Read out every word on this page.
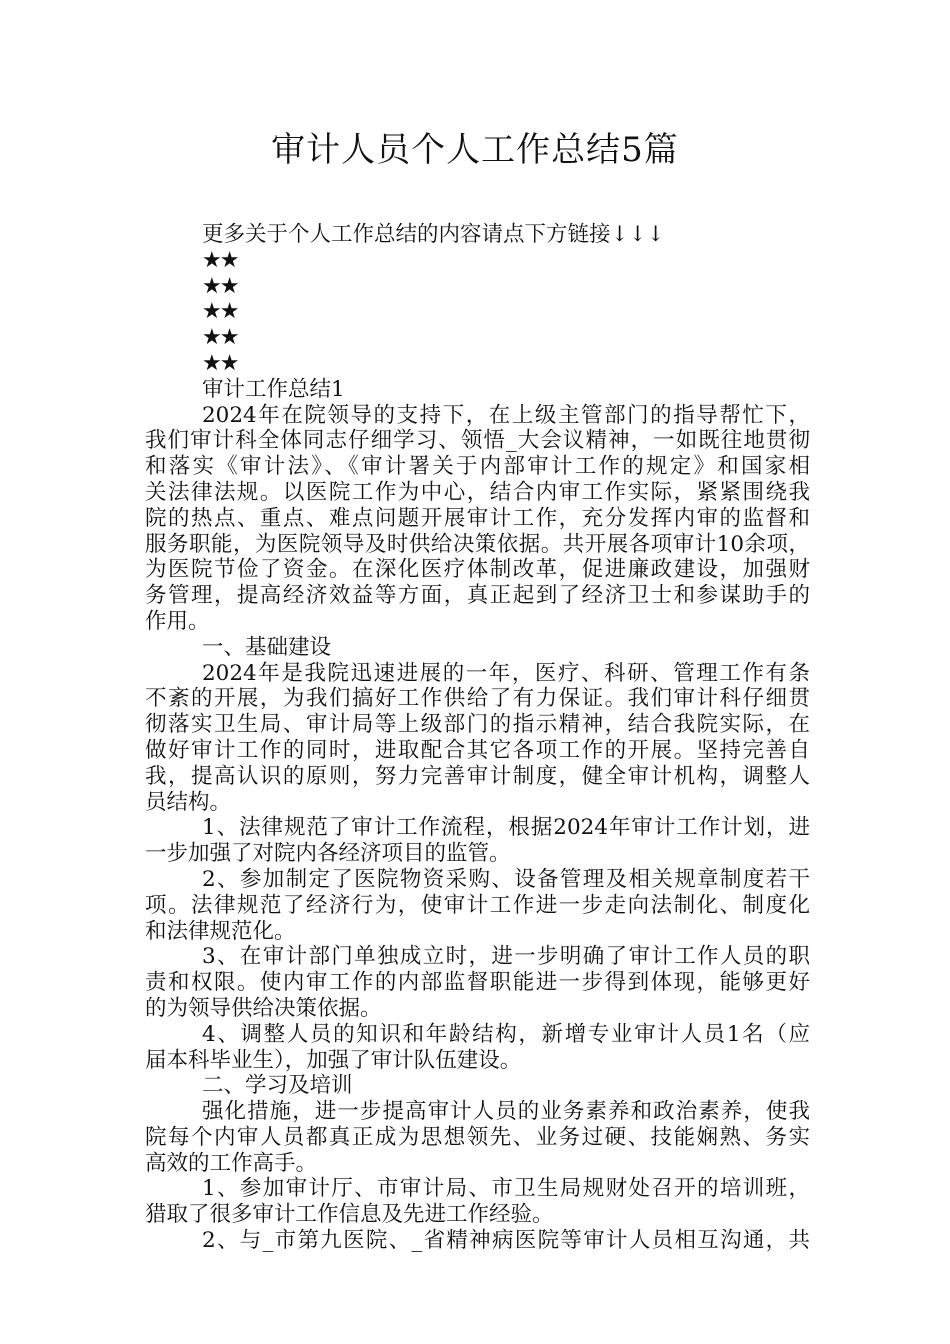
审计人员个人工作总结5篇
更多关于个人工作总结的内容请点下方链接↓↓↓
★★
★★
★★
★★
★★
审计工作总结1
2024年在院领导的支持下，在上级主管部门的指导帮忙下，
我们审计科全体同志仔细学习、领悟_大会议精神，一如既往地贯彻
和落实《审计法》、《审计署关于内部审计工作的规定》和国家相
关法律法规。以医院工作为中心，结合内审工作实际，紧紧围绕我
院的热点、重点、难点问题开展审计工作，充分发挥内审的监督和
服务职能，为医院领导及时供给决策依据。共开展各项审计10余项，
为医院节俭了资金。在深化医疗体制改革，促进廉政建设，加强财
务管理，提高经济效益等方面，真正起到了经济卫士和参谋助手的
作用。
一、基础建设
2024年是我院迅速进展的一年，医疗、科研、管理工作有条
不紊的开展，为我们搞好工作供给了有力保证。我们审计科仔细贯
彻落实卫生局、审计局等上级部门的指示精神，结合我院实际，在
做好审计工作的同时，进取配合其它各项工作的开展。坚持完善自
我，提高认识的原则，努力完善审计制度，健全审计机构，调整人
员结构。
1、法律规范了审计工作流程，根据2024年审计工作计划，进
一步加强了对院内各经济项目的监管。
2、参加制定了医院物资采购、设备管理及相关规章制度若干
项。法律规范了经济行为，使审计工作进一步走向法制化、制度化
和法律规范化。
3、在审计部门单独成立时，进一步明确了审计工作人员的职
责和权限。使内审工作的内部监督职能进一步得到体现，能够更好
的为领导供给决策依据。
4、调整人员的知识和年龄结构，新增专业审计人员1名（应
届本科毕业生），加强了审计队伍建设。
二、学习及培训
强化措施，进一步提高审计人员的业务素养和政治素养，使我
院每个内审人员都真正成为思想领先、业务过硬、技能娴熟、务实
高效的工作高手。
1、参加审计厅、市审计局、市卫生局规财处召开的培训班，
猎取了很多审计工作信息及先进工作经验。
2、与_市第九医院、_省精神病医院等审计人员相互沟通，共
